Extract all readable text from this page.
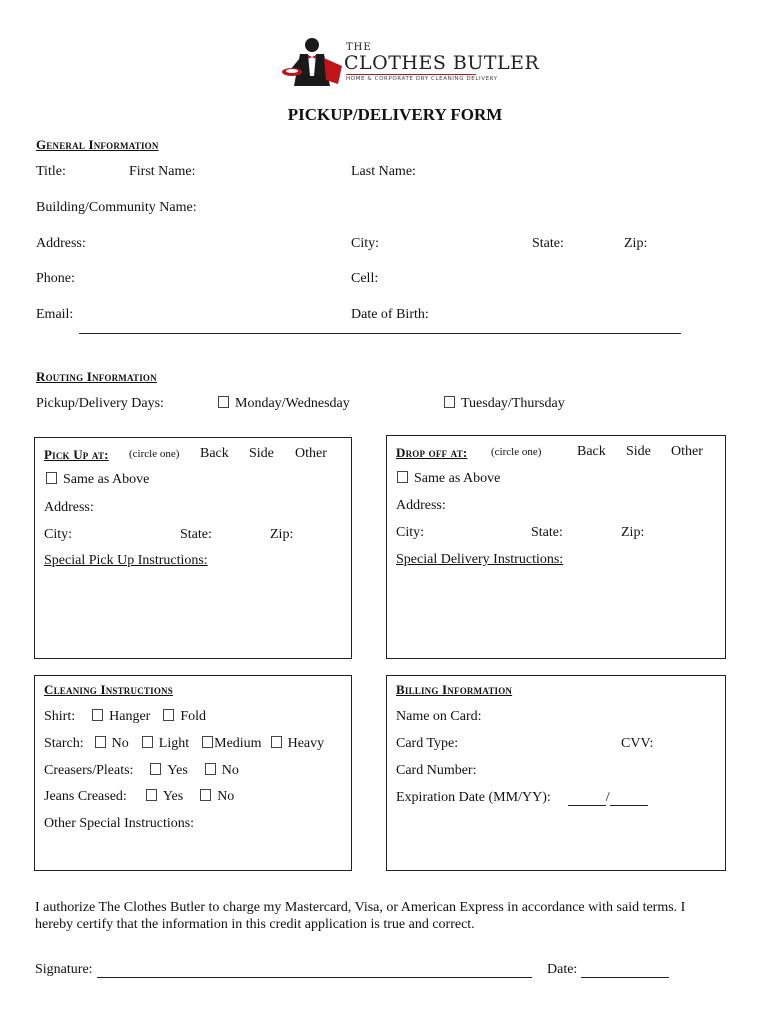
THE
CLOTHES BUTLER
HOME & CORPORATE DRY CLEANING DELIVERY
PICKUP/DELIVERY FORM
General Information
Title:	First Name:	Last Name:
Building/Community Name:
Address:	City:	State:	Zip:
Phone:	Cell:
Email:	Date of Birth:
Routing Information
Pickup/Delivery Days:	Monday/Wednesday	Tuesday/Thursday
Pick Up at: (circle one) Back Side Other
Same as Above
Address:
City:	State:	Zip:
Special Pick Up Instructions:
Drop off at: (circle one)	Back Side Other
Same as Above
Address:
City:	State:	Zip:
Special Delivery Instructions:
Cleaning Instructions
Shirt: Hanger Fold
Starch: No Light Medium Heavy
Creasers/Pleats: Yes No
Jeans Creased:	Yes No
Other Special Instructions:
Billing Information
Name on Card:
Card Type:	CVV:
Card Number:
Expiration Date (MM/YY):	/
I authorize The Clothes Butler to charge my Mastercard, Visa, or American Express in accordance with said terms. I
hereby certify that the information in this credit application is true and correct.
Signature:	Date:
